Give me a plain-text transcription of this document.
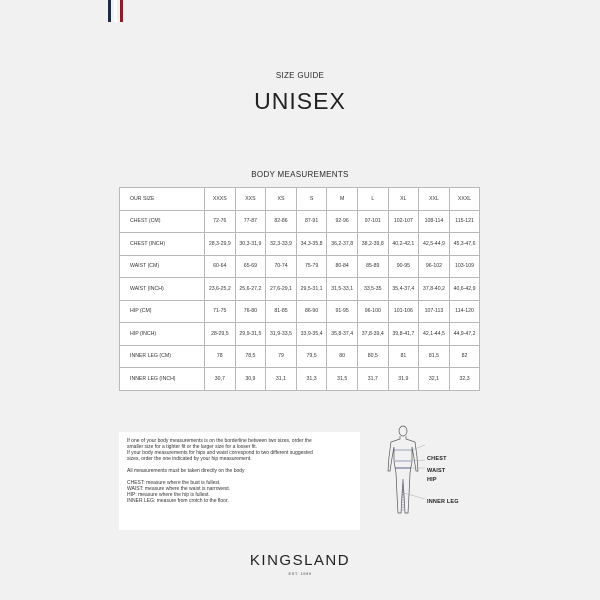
SIZE GUIDE
UNISEX
BODY MEASUREMENTS
OUR SIZE	XXXS	XXS	XS	S	M	L	XL	XXL	XXXL
CHEST (CM)	72-76	77-87	82-86	87-91	92-96	97-101	102-107	108-114	115-121
CHEST (INCH)	28,3-29,9	30,3-31,9	32,3-33,9	34,3-35,8	36,2-37,8	38,2-39,8	40,2-42,1	42,5-44,9	45,3-47,6
WAIST (CM)	60-64	65-69	70-74	75-79	80-84	85-89	90-95	96-102	103-109
WAIST (INCH)	23,6-25,2	25,6-27,2	27,6-29,1	29,5-31,1	31,5-33,1	33,5-35	35,4-37,4	37,8-40,2	40,6-42,9
HIP (CM)	71-75	76-80	81-85	86-90	91-95	96-100	101-106	107-113	114-120
HIP (INCH)	28-29,5	29,9-31,5	31,9-33,5	33,9-35,4	35,8-37,4	37,8-39,4	39,8-41,7	42,1-44,5	44,9-47,2
INNER LEG (CM)	78	78,5	79	79,5	80	80,5	81	81,5	82
INNER LEG (INCH)	30,7	30,9	31,1	31,3	31,5	31,7	31,9	32,1	32,3

If one of your body measurements is on the borderline between two sizes, order the

smaller size for a tighter fit or the larger size for a looser fit.

If your body measurements for hips and waist correspond to two different suggested

sizes, order the one indicated by your hip measurement.

All measurements must be taken directly on the body

CHEST: measure where the bust is fullest.

WAIST: measure where the waist is narrowest.

HIP: measure where the hip is fullest.

INNER LEG: measure from crotch to the floor.

CHEST
WAIST
HIP
INNER LEG
KINGSLAND
EST. 1999
